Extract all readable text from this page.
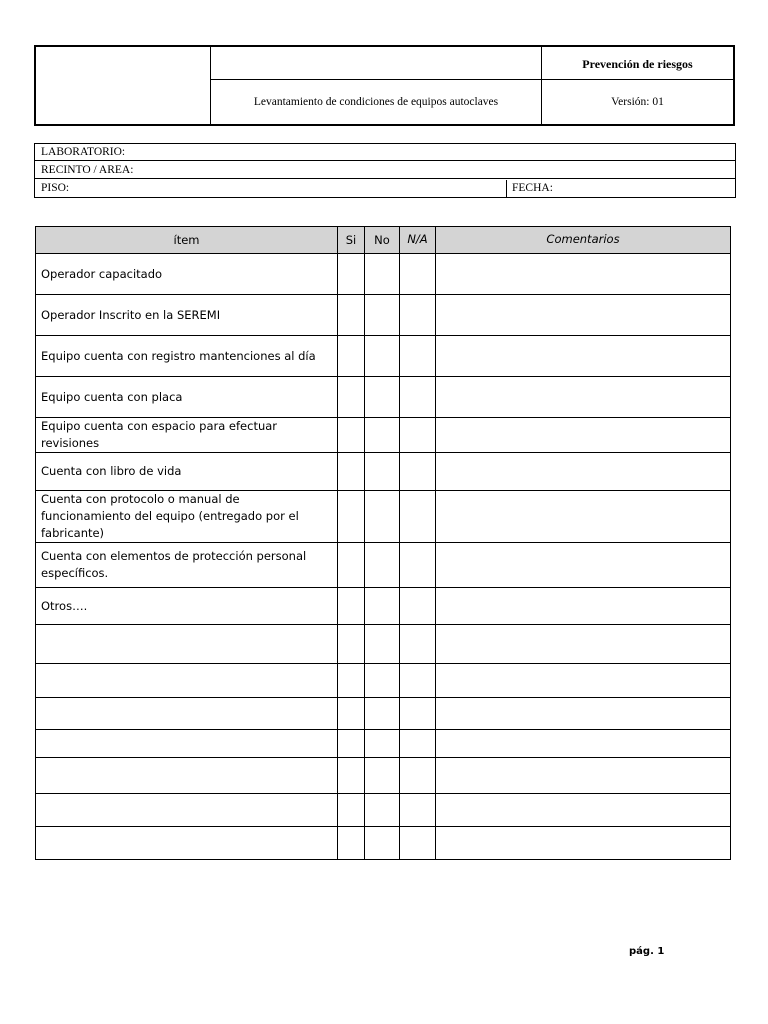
Prevención de riesgos
Levantamiento de condiciones de equipos autoclaves	Versión: 01
LABORATORIO:
RECINTO / AREA:
PISO:	FECHA:
ítem	Si	No	N/A	Comentarios
Operador capacitado				
Operador Inscrito en la SEREMI				
Equipo cuenta con registro mantenciones al día				
Equipo cuenta con placa				
Equipo cuenta con espacio para efectuar revisiones				
Cuenta con libro de vida				
Cuenta con protocolo o manual de funcionamiento del equipo (entregado por el fabricante)				
Cuenta con elementos de protección personal específicos.				
Otros….				

pág. 1
